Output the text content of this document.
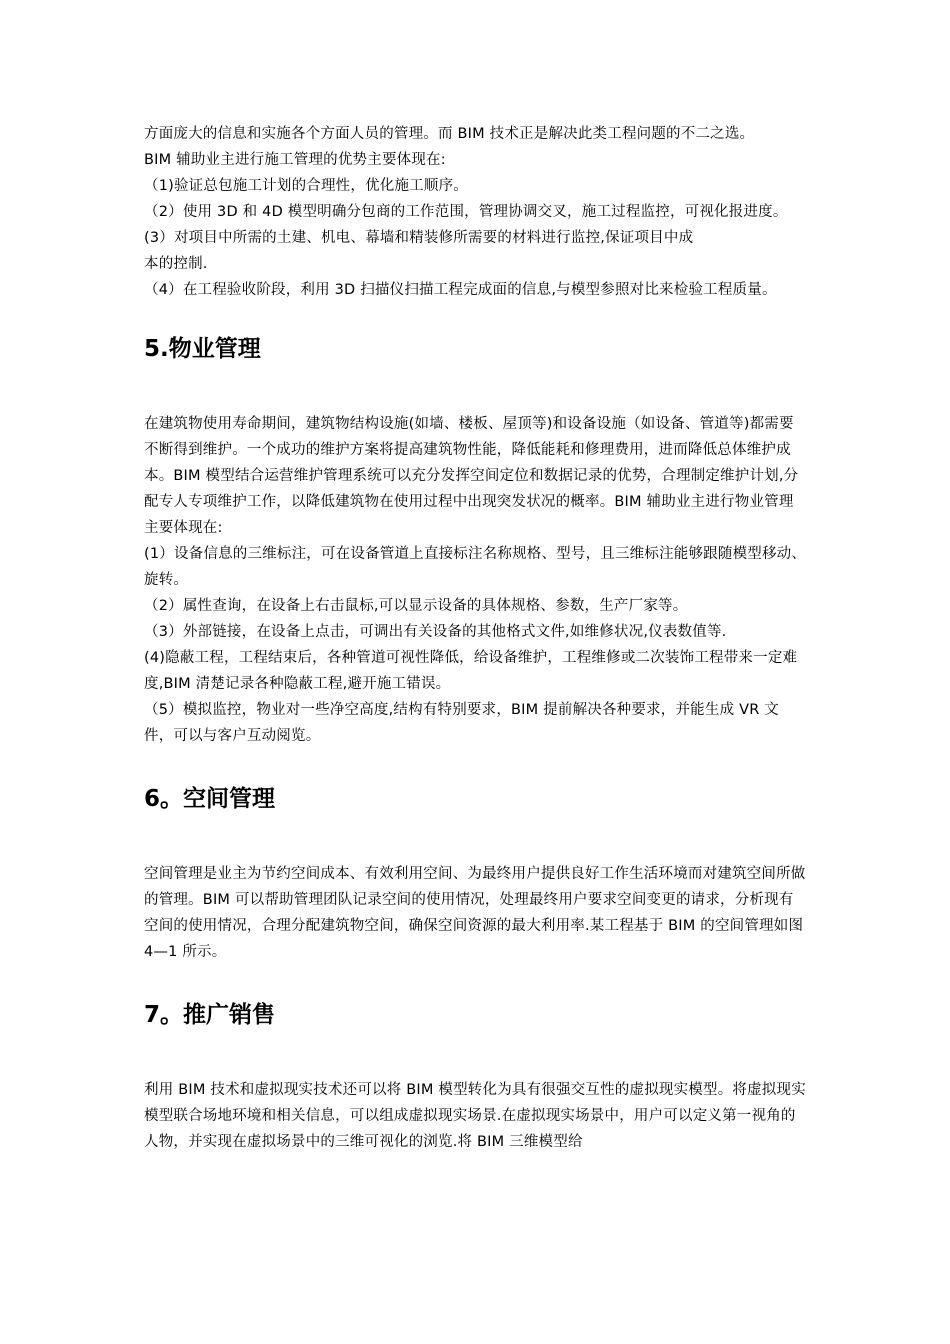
方面庞大的信息和实施各个方面人员的管理。而 BIM 技术正是解决此类工程问题的不二之选。

BIM 辅助业主进行施工管理的优势主要体现在:

（1)验证总包施工计划的合理性，优化施工顺序。

（2）使用 3D 和 4D 模型明确分包商的工作范围，管理协调交叉，施工过程监控，可视化报进度。

(3）对项目中所需的土建、机电、幕墙和精装修所需要的材料进行监控,保证项目中成

本的控制.

（4）在工程验收阶段，利用 3D 扫描仪扫描工程完成面的信息,与模型参照对比来检验工程质量。

5.物业管理

在建筑物使用寿命期间，建筑物结构设施(如墙、楼板、屋顶等)和设备设施（如设备、管道等)都需要不断得到维护。一个成功的维护方案将提高建筑物性能，降低能耗和修理费用，进而降低总体维护成本。BIM 模型结合运营维护管理系统可以充分发挥空间定位和数据记录的优势，合理制定维护计划,分配专人专项维护工作，以降低建筑物在使用过程中出现突发状况的概率。BIM 辅助业主进行物业管理主要体现在:

(1）设备信息的三维标注，可在设备管道上直接标注名称规格、型号，且三维标注能够跟随模型移动、旋转。

（2）属性查询，在设备上右击鼠标,可以显示设备的具体规格、参数，生产厂家等。

（3）外部链接，在设备上点击，可调出有关设备的其他格式文件,如维修状况,仪表数值等.

(4)隐蔽工程，工程结束后，各种管道可视性降低，给设备维护，工程维修或二次装饰工程带来一定难度,BIM 清楚记录各种隐蔽工程,避开施工错误。

（5）模拟监控，物业对一些净空高度,结构有特别要求，BIM 提前解决各种要求，并能生成 VR 文件，可以与客户互动阅览。

6。空间管理

空间管理是业主为节约空间成本、有效利用空间、为最终用户提供良好工作生活环境而对建筑空间所做的管理。BIM 可以帮助管理团队记录空间的使用情况，处理最终用户要求空间变更的请求，分析现有空间的使用情况，合理分配建筑物空间，确保空间资源的最大利用率.某工程基于 BIM 的空间管理如图 4—1 所示。

7。推广销售

利用 BIM 技术和虚拟现实技术还可以将 BIM 模型转化为具有很强交互性的虚拟现实模型。将虚拟现实模型联合场地环境和相关信息，可以组成虚拟现实场景.在虚拟现实场景中，用户可以定义第一视角的人物，并实现在虚拟场景中的三维可视化的浏览.将 BIM 三维模型给
